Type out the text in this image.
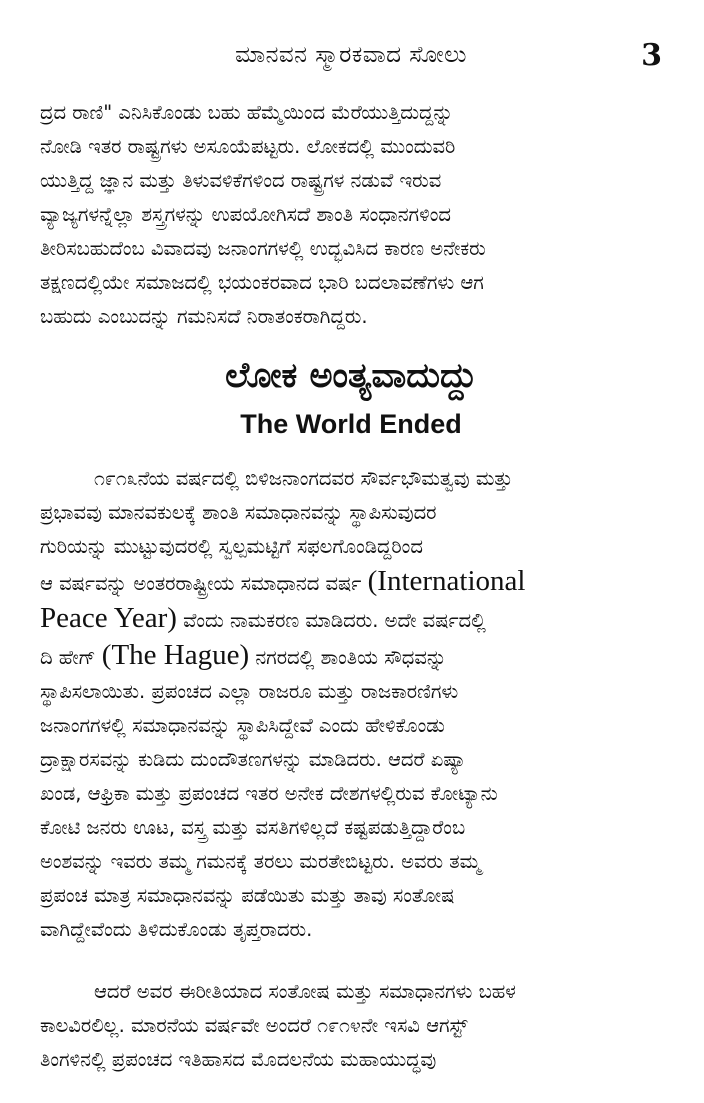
ಮಾನವನ ಸ್ಮಾರಕವಾದ ಸೋಲು	3

ದ್ರದ ರಾಣಿ" ಎನಿಸಿಕೊಂಡು ಬಹು ಹೆಮ್ಮೆಯಿಂದ ಮೆರೆಯುತ್ತಿದುದ್ದನ್ನು
ನೋಡಿ ಇತರ ರಾಷ್ಟ್ರಗಳು ಅಸೂಯೆಪಟ್ಟರು. ಲೋಕದಲ್ಲಿ ಮುಂದುವರಿ
ಯುತ್ತಿದ್ದ ಜ್ಞಾನ ಮತ್ತು ತಿಳುವಳಿಕೆಗಳಿಂದ ರಾಷ್ಟ್ರಗಳ ನಡುವೆ ಇರುವ
ವ್ಯಾಜ್ಯಗಳನ್ನೆಲ್ಲಾ ಶಸ್ತ್ರಗಳನ್ನು ಉಪಯೋಗಿಸದೆ ಶಾಂತಿ ಸಂಧಾನಗಳಿಂದ
ತೀರಿಸಬಹುದೆಂಬ ವಿವಾದವು ಜನಾಂಗಗಳಲ್ಲಿ ಉದ್ಭವಿಸಿದ ಕಾರಣ ಅನೇಕರು
ತಕ್ಷಣದಲ್ಲಿಯೇ ಸಮಾಜದಲ್ಲಿ ಭಯಂಕರವಾದ ಭಾರಿ ಬದಲಾವಣೆಗಳು ಆಗ
ಬಹುದು ಎಂಬುದನ್ನು ಗಮನಿಸದೆ ನಿರಾತಂಕರಾಗಿದ್ದರು.

ಲೋಕ ಅಂತ್ಯವಾದುದ್ದು
The World Ended

೧೯೧೩ನೆಯ ವರ್ಷದಲ್ಲಿ ಬಿಳಿಜನಾಂಗದವರ ಸೌರ್ವಭೌಮತ್ವವು ಮತ್ತು
ಪ್ರಭಾವವು ಮಾನವಕುಲಕ್ಕೆ ಶಾಂತಿ ಸಮಾಧಾನವನ್ನು ಸ್ಥಾಪಿಸುವುದರ
ಗುರಿಯನ್ನು ಮುಟ್ಟುವುದರಲ್ಲಿ ಸ್ವಲ್ಪಮಟ್ಟಿಗೆ ಸಫಲಗೊಂಡಿದ್ದರಿಂದ
ಆ ವರ್ಷವನ್ನು ಅಂತರರಾಷ್ಟ್ರೀಯ ಸಮಾಧಾನದ ವರ್ಷ (International
Peace Year) ವೆಂದು ನಾಮಕರಣ ಮಾಡಿದರು. ಅದೇ ವರ್ಷದಲ್ಲಿ
ದಿ ಹೇಗ್ (The Hague) ನಗರದಲ್ಲಿ ಶಾಂತಿಯ ಸೌಧವನ್ನು
ಸ್ಥಾಪಿಸಲಾಯಿತು. ಪ್ರಪಂಚದ ಎಲ್ಲಾ ರಾಜರೂ ಮತ್ತು ರಾಜಕಾರಣಿಗಳು
ಜನಾಂಗಗಳಲ್ಲಿ ಸಮಾಧಾನವನ್ನು ಸ್ಥಾಪಿಸಿದ್ದೇವೆ ಎಂದು ಹೇಳಿಕೊಂಡು
ದ್ರಾಕ್ಷಾರಸವನ್ನು ಕುಡಿದು ದುಂದೌತಣಗಳನ್ನು ಮಾಡಿದರು. ಆದರೆ ಏಷ್ಯಾ
ಖಂಡ, ಆಫ್ರಿಕಾ ಮತ್ತು ಪ್ರಪಂಚದ ಇತರ ಅನೇಕ ದೇಶಗಳಲ್ಲಿರುವ ಕೋಟ್ಯಾನು
ಕೋಟಿ ಜನರು ಊಟ, ವಸ್ತ್ರ ಮತ್ತು ವಸತಿಗಳಿಲ್ಲದೆ ಕಷ್ಟಪಡುತ್ತಿದ್ದಾರೆಂಬ
ಅಂಶವನ್ನು ಇವರು ತಮ್ಮ ಗಮನಕ್ಕೆ ತರಲು ಮರತೇಬಿಟ್ಟರು. ಅವರು ತಮ್ಮ
ಪ್ರಪಂಚ ಮಾತ್ರ ಸಮಾಧಾನವನ್ನು ಪಡೆಯಿತು ಮತ್ತು ತಾವು ಸಂತೋಷ
ವಾಗಿದ್ದೇವೆಂದು ತಿಳಿದುಕೊಂಡು ತೃಪ್ತರಾದರು.

ಆದರೆ ಅವರ ಈರೀತಿಯಾದ ಸಂತೋಷ ಮತ್ತು ಸಮಾಧಾನಗಳು ಬಹಳ
ಕಾಲವಿರಲಿಲ್ಲ. ಮಾರನೆಯ ವರ್ಷವೇ ಅಂದರೆ ೧೯೧೪ನೇ ಇಸವಿ ಆಗಸ್ಟ್
ತಿಂಗಳಿನಲ್ಲಿ ಪ್ರಪಂಚದ ಇತಿಹಾಸದ ಮೊದಲನೆಯ ಮಹಾಯುದ್ಧವು
